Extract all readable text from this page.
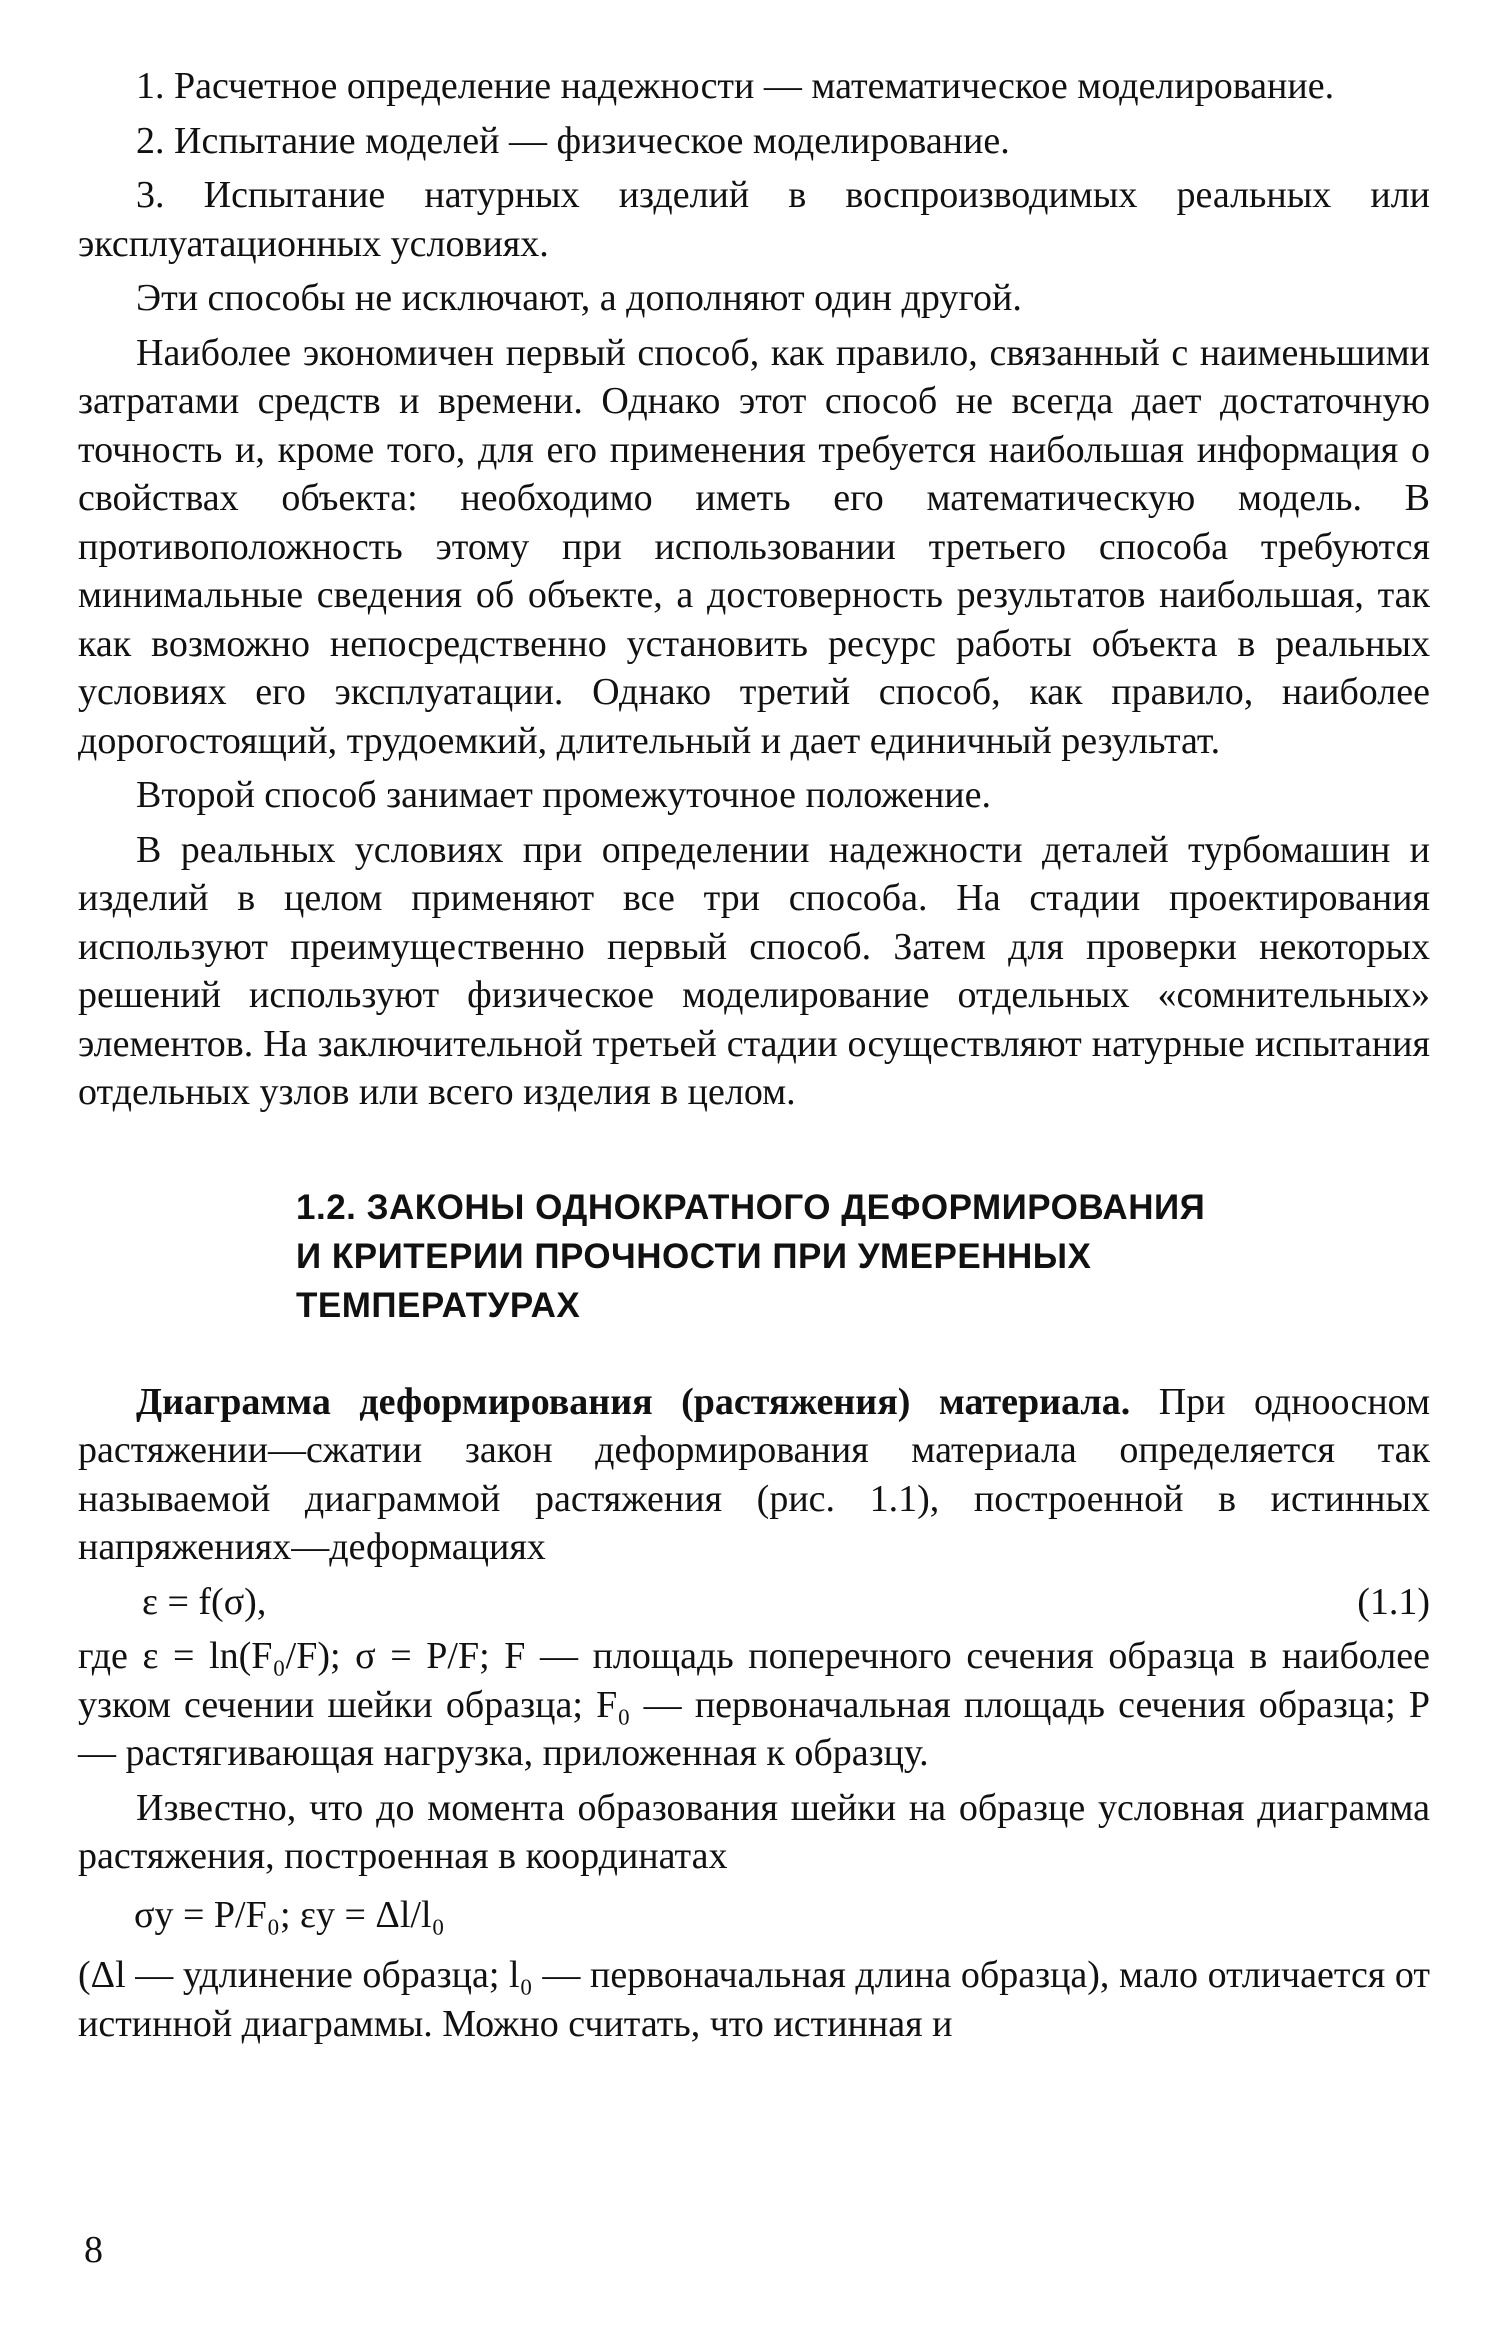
1. Расчетное определение надежности — математическое моделирование.

2. Испытание моделей — физическое моделирование.

3. Испытание натурных изделий в воспроизводимых реальных или эксплуатационных условиях.

Эти способы не исключают, а дополняют один другой.

Наиболее экономичен первый способ, как правило, связанный с наименьшими затратами средств и времени. Однако этот способ не всегда дает достаточную точность и, кроме того, для его применения требуется наибольшая информация о свойствах объекта: необходимо иметь его математическую модель. В противоположность этому при использовании третьего способа требуются минимальные сведения об объекте, а достоверность результатов наибольшая, так как возможно непосредственно установить ресурс работы объекта в реальных условиях его эксплуатации. Однако третий способ, как правило, наиболее дорогостоящий, трудоемкий, длительный и дает единичный результат.

Второй способ занимает промежуточное положение.

В реальных условиях при определении надежности деталей турбомашин и изделий в целом применяют все три способа. На стадии проектирования используют преимущественно первый способ. Затем для проверки некоторых решений используют физическое моделирование отдельных «сомнительных» элементов. На заключительной третьей стадии осуществляют натурные испытания отдельных узлов или всего изделия в целом.

1.2. ЗАКОНЫ ОДНОКРАТНОГО ДЕФОРМИРОВАНИЯ
И КРИТЕРИИ ПРОЧНОСТИ ПРИ УМЕРЕННЫХ
ТЕМПЕРАТУРАХ

Диаграмма деформирования (растяжения) материала. При одноосном растяжении—сжатии закон деформирования материала определяется так называемой диаграммой растяжения (рис. 1.1), построенной в истинных напряжениях—деформациях

ε = f(σ),	(1.1)

где ε = ln(F₀/F); σ = P/F; F — площадь поперечного сечения образца в наиболее узком сечении шейки образца; F₀ — первоначальная площадь сечения образца; P — растягивающая нагрузка, приложенная к образцу.

Известно, что до момента образования шейки на образце условная диаграмма растяжения, построенная в координатах

σy = P/F₀; εy = Δl/l₀

(Δl — удлинение образца; l₀ — первоначальная длина образца), мало отличается от истинной диаграммы. Можно считать, что истинная и

8
